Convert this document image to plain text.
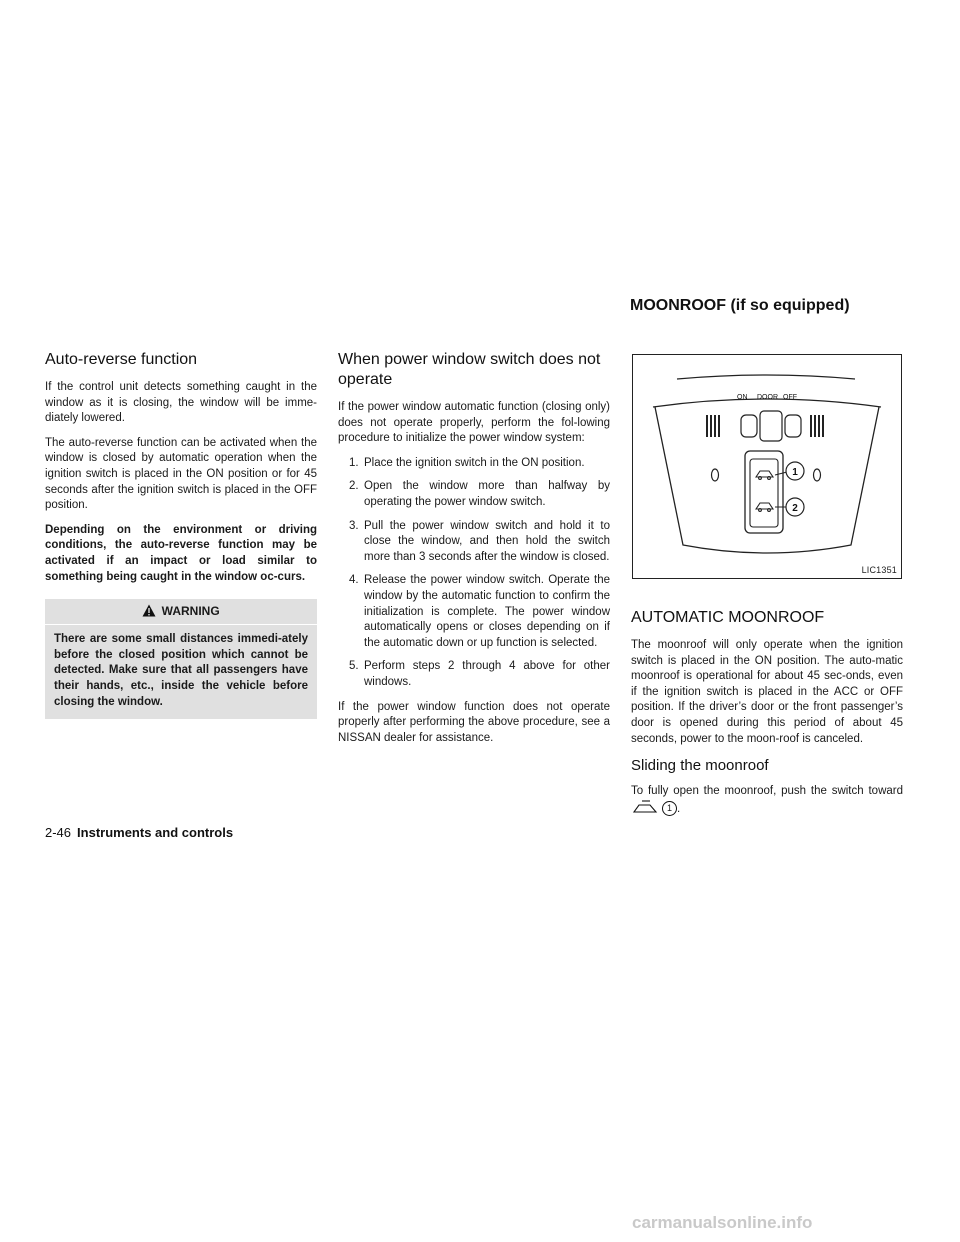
MOONROOF (if so equipped)
Auto-reverse function

If the control unit detects something caught in the window as it is closing, the window will be imme-diately lowered.

The auto-reverse function can be activated when the window is closed by automatic operation when the ignition switch is placed in the ON position or for 45 seconds after the ignition switch is placed in the OFF position.

Depending on the environment or driving conditions, the auto-reverse function may be activated if an impact or load similar to something being caught in the window oc-curs.

WARNING
There are some small distances immedi-ately before the closed position which cannot be detected. Make sure that all passengers have their hands, etc., inside the vehicle before closing the window.
When power window switch does not operate

If the power window automatic function (closing only) does not operate properly, perform the fol-lowing procedure to initialize the power window system:

1. Place the ignition switch in the ON position.
2. Open the window more than halfway by operating the power window switch.
3. Pull the power window switch and hold it to close the window, and then hold the switch more than 3 seconds after the window is closed.
4. Release the power window switch. Operate the window by the automatic function to confirm the initialization is complete. The power window automatically opens or closes depending on if the automatic down or up function is selected.
5. Perform steps 2 through 4 above for other windows.

If the power window function does not operate properly after performing the above procedure, see a NISSAN dealer for assistance.

ON DOOR OFF
1
2
LIC1351
AUTOMATIC MOONROOF

The moonroof will only operate when the ignition switch is placed in the ON position. The auto-matic moonroof is operational for about 45 sec-onds, even if the ignition switch is placed in the ACC or OFF position. If the driver’s door or the front passenger’s door is opened during this period of about 45 seconds, power to the moon-roof is canceled.

Sliding the moonroof

To fully open the moonroof, push the switch toward 1 .

2-46 Instruments and controls
carmanualsonline.info
